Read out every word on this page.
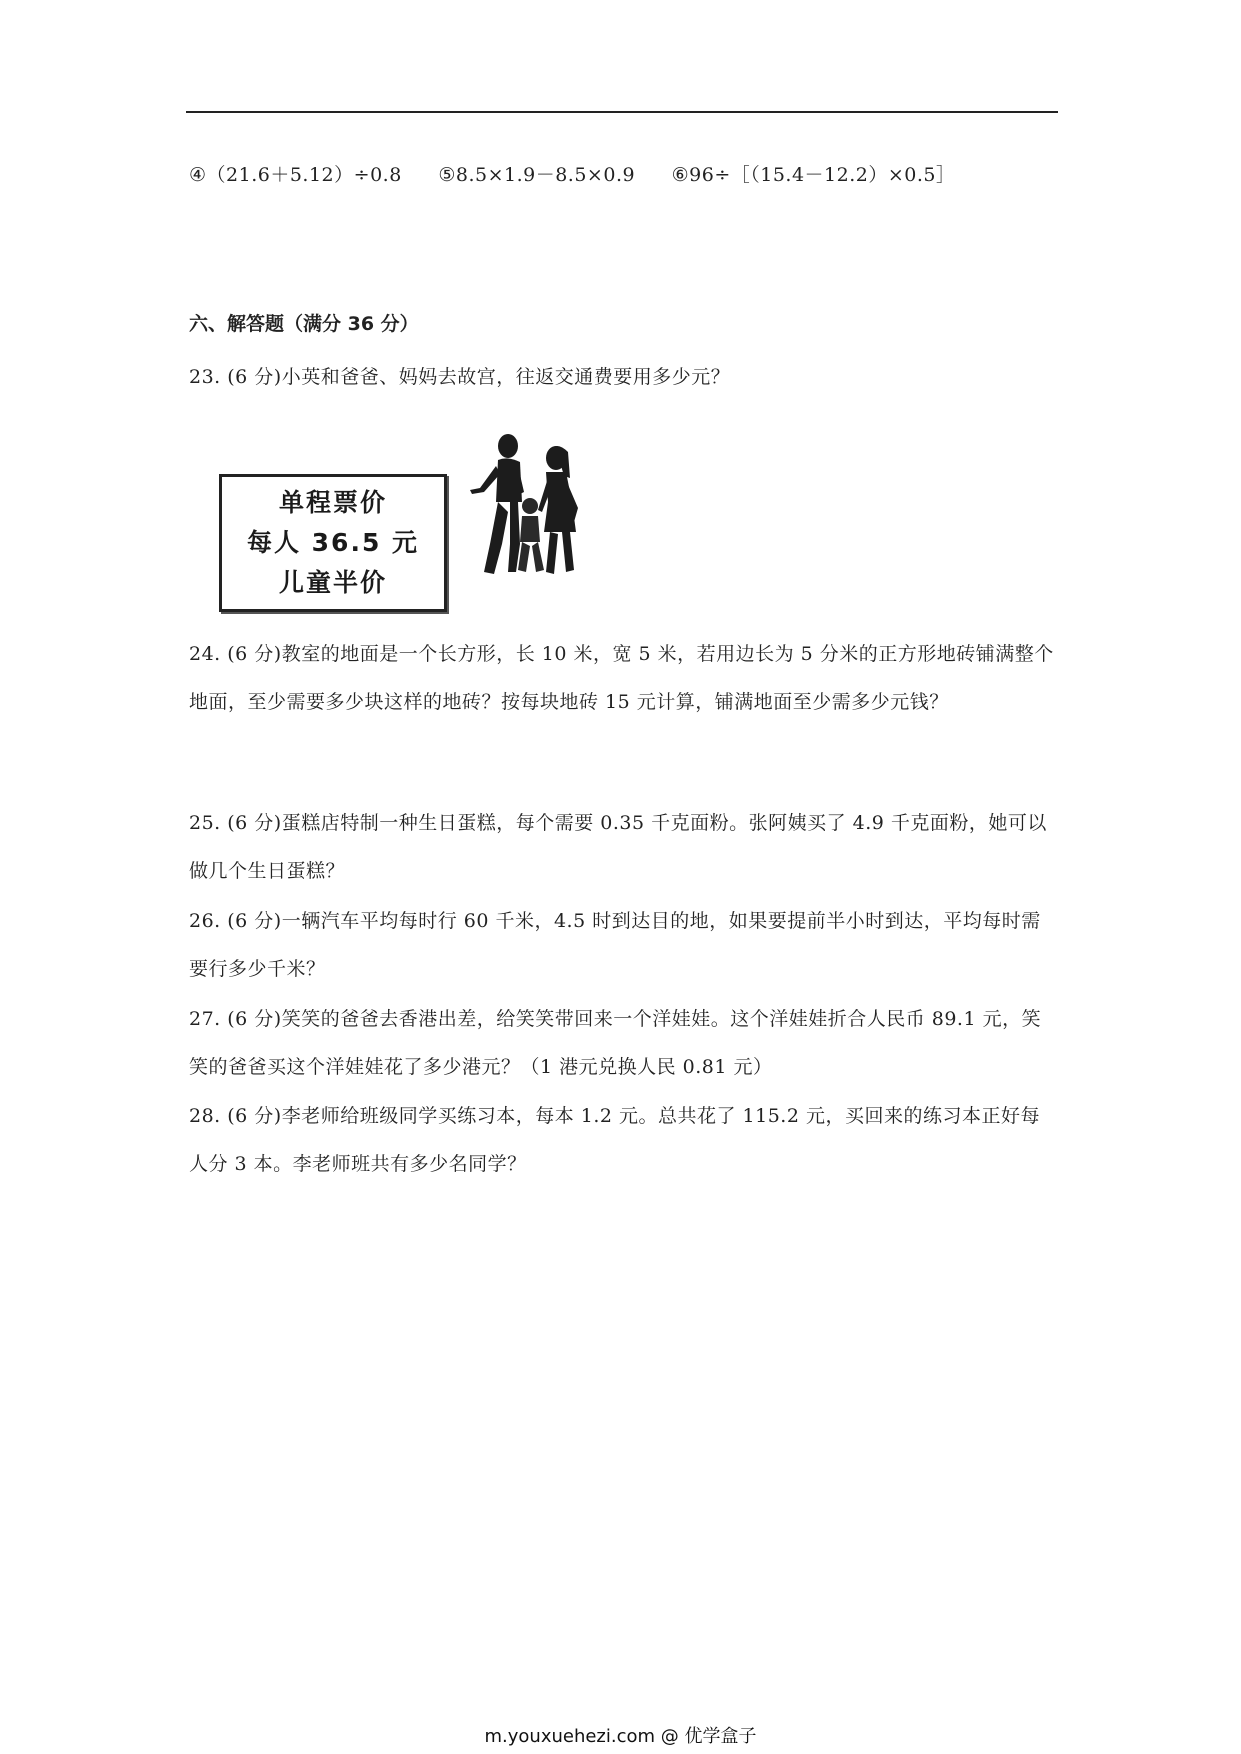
④（21.6＋5.12）÷0.8 ⑤8.5×1.9－8.5×0.9 ⑥96÷［（15.4－12.2）×0.5］
六、解答题（满分 36 分）
23. (6 分)小英和爸爸、妈妈去故宫，往返交通费要用多少元？
单程票价
每人 36.5 元
儿童半价
24. (6 分)教室的地面是一个长方形，长 10 米，宽 5 米，若用边长为 5 分米的正方形地砖铺满整个地面，至少需要多少块这样的地砖？按每块地砖 15 元计算，铺满地面至少需多少元钱？
25. (6 分)蛋糕店特制一种生日蛋糕，每个需要 0.35 千克面粉。张阿姨买了 4.9 千克面粉，她可以做几个生日蛋糕？
26. (6 分)一辆汽车平均每时行 60 千米，4.5 时到达目的地，如果要提前半小时到达，平均每时需要行多少千米？
27. (6 分)笑笑的爸爸去香港出差，给笑笑带回来一个洋娃娃。这个洋娃娃折合人民币 89.1 元，笑笑的爸爸买这个洋娃娃花了多少港元？（1 港元兑换人民 0.81 元）
28. (6 分)李老师给班级同学买练习本，每本 1.2 元。总共花了 115.2 元，买回来的练习本正好每人分 3 本。李老师班共有多少名同学？
m.youxuehezi.com @ 优学盒子
